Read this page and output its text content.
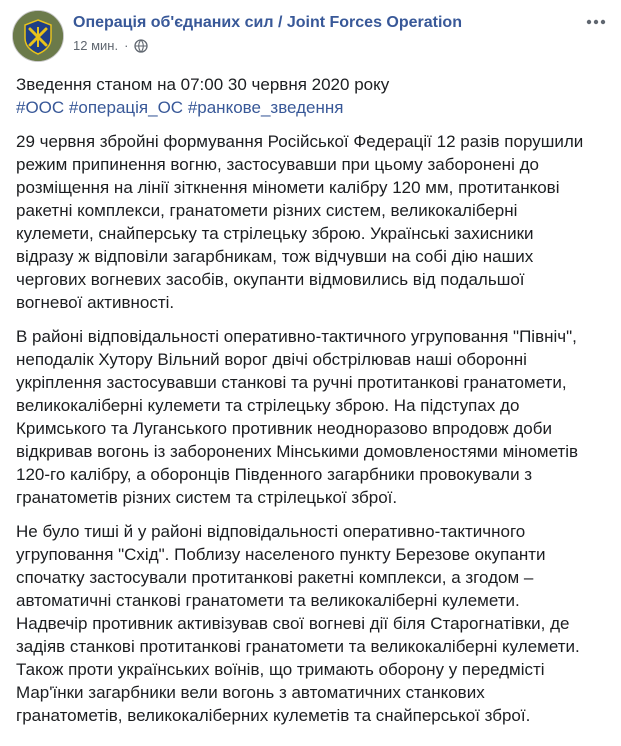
Операція об'єднаних сил / Joint Forces Operation
12 мин. ·

Зведення станом на 07:00 30 червня 2020 року

#ООС #операція_ОС #ранкове_зведення

29 червня збройні формування Російської Федерації 12 разів порушили
режим припинення вогню, застосувавши при цьому заборонені до
розміщення на лінії зіткнення міномети калібру 120 мм, протитанкові
ракетні комплекси, гранатомети різних систем, великокаліберні
кулемети, снайперську та стрілецьку зброю. Українські захисники
відразу ж відповіли загарбникам, тож відчувши на собі дію наших
чергових вогневих засобів, окупанти відмовились від подальшої
вогневої активності.

В районі відповідальності оперативно-тактичного угруповання "Північ",
неподалік Хутору Вільний ворог двічі обстрілював наші оборонні
укріплення застосувавши станкові та ручні протитанкові гранатомети,
великокаліберні кулемети та стрілецьку зброю. На підступах до
Кримського та Луганського противник неодноразово впродовж доби
відкривав вогонь із заборонених Мінськими домовленостями мінометів
120-го калібру, а оборонців Південного загарбники провокували з
гранатометів різних систем та стрілецької зброї.

Не було тиші й у районі відповідальності оперативно-тактичного
угруповання "Схід". Поблизу населеного пункту Березове окупанти
спочатку застосували протитанкові ракетні комплекси, а згодом –
автоматичні станкові гранатомети та великокаліберні кулемети.
Надвечір противник активізував свої вогневі дії біля Старогнатівки, де
задіяв станкові протитанкові гранатомети та великокаліберні кулемети.
Також проти українських воїнів, що тримають оборону у передмісті
Мар'їнки загарбники вели вогонь з автоматичних станкових
гранатометів, великокаліберних кулеметів та снайперської зброї.
